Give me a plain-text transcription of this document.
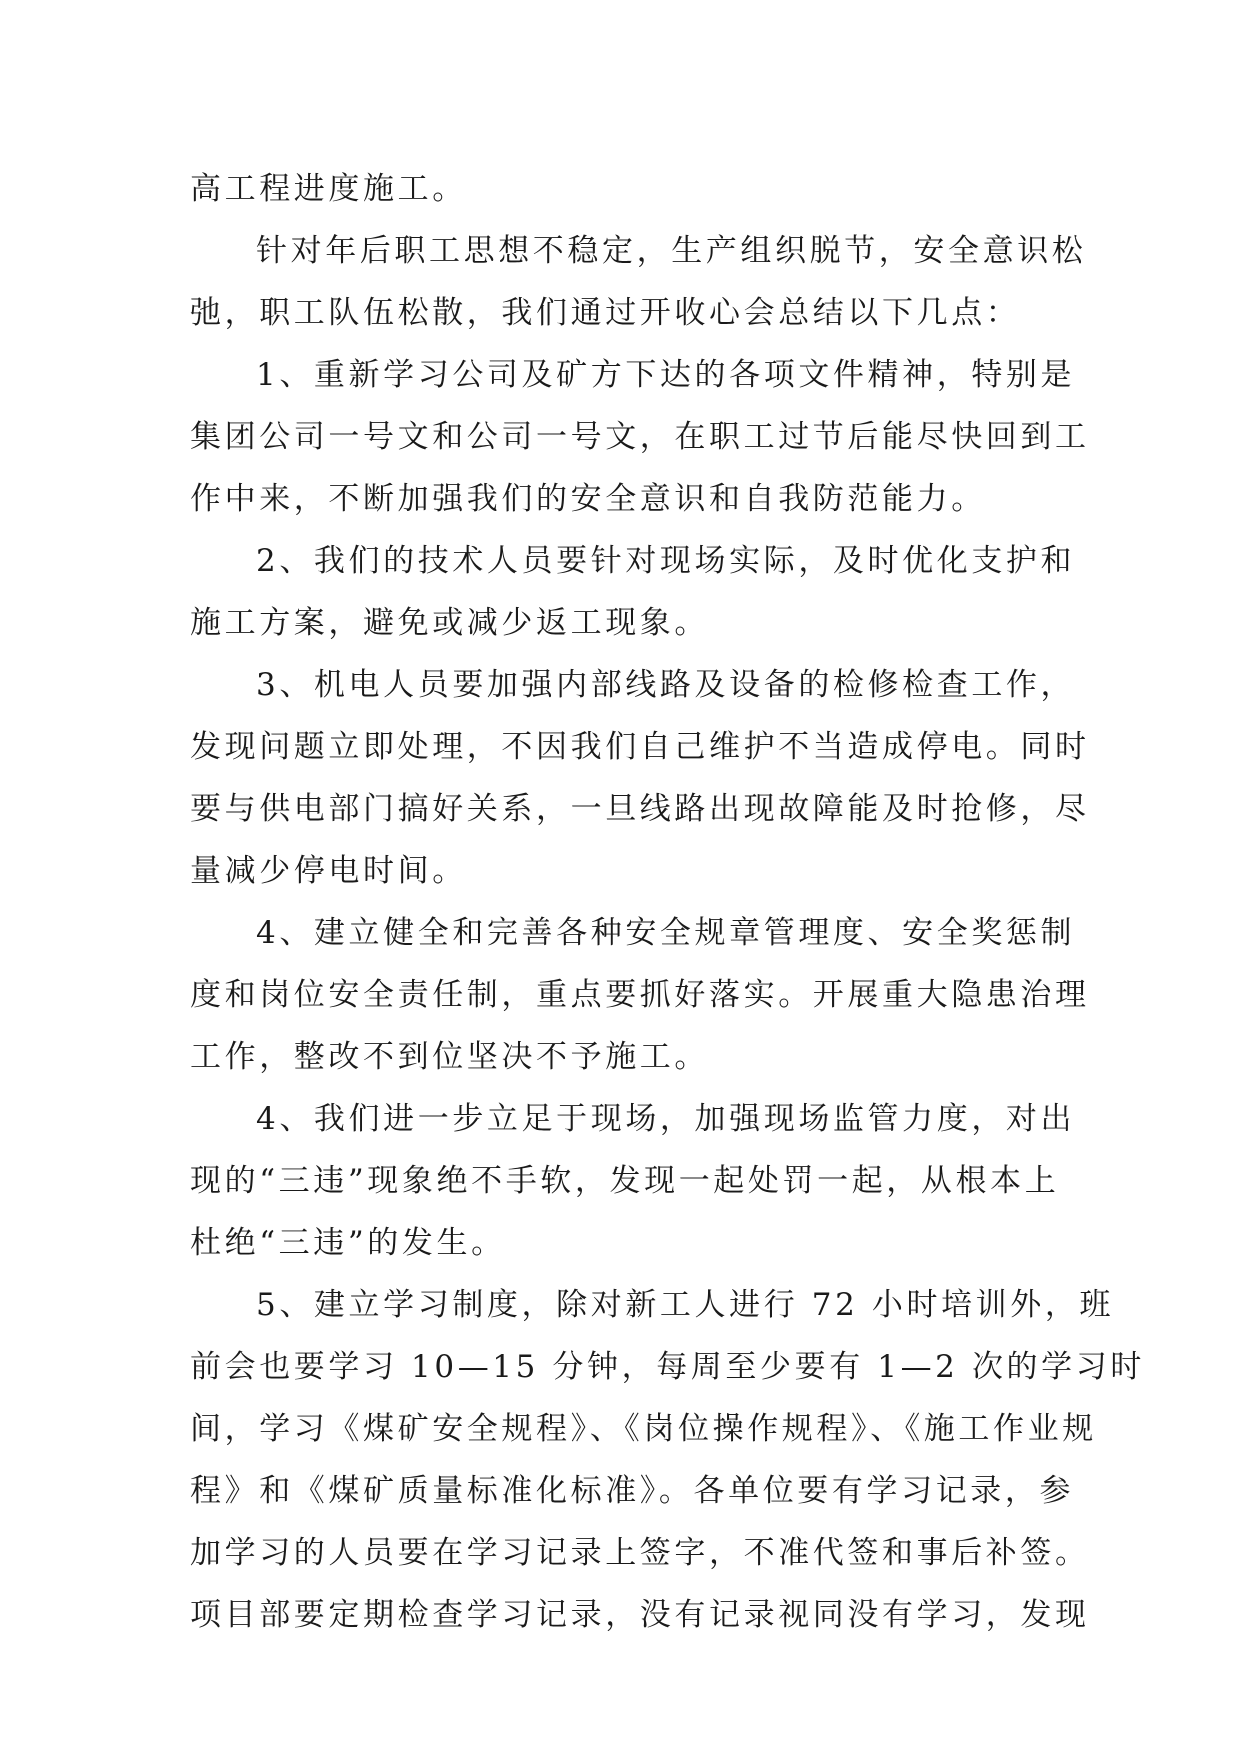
高工程进度施工。
针对年后职工思想不稳定，生产组织脱节，安全意识松
弛，职工队伍松散，我们通过开收心会总结以下几点：
1、重新学习公司及矿方下达的各项文件精神，特别是
集团公司一号文和公司一号文，在职工过节后能尽快回到工
作中来，不断加强我们的安全意识和自我防范能力。
2、我们的技术人员要针对现场实际，及时优化支护和
施工方案，避免或减少返工现象。
3、机电人员要加强内部线路及设备的检修检查工作，
发现问题立即处理，不因我们自己维护不当造成停电。同时
要与供电部门搞好关系，一旦线路出现故障能及时抢修，尽
量减少停电时间。
4、建立健全和完善各种安全规章管理度、安全奖惩制
度和岗位安全责任制，重点要抓好落实。开展重大隐患治理
工作，整改不到位坚决不予施工。
4、我们进一步立足于现场，加强现场监管力度，对出
现的“三违”现象绝不手软，发现一起处罚一起，从根本上
杜绝“三违”的发生。
5、建立学习制度，除对新工人进行 72 小时培训外，班
前会也要学习 10—15 分钟，每周至少要有 1—2 次的学习时
间，学习《煤矿安全规程》、《岗位操作规程》、《施工作业规
程》和《煤矿质量标准化标准》。各单位要有学习记录，参
加学习的人员要在学习记录上签字，不准代签和事后补签。
项目部要定期检查学习记录，没有记录视同没有学习，发现
